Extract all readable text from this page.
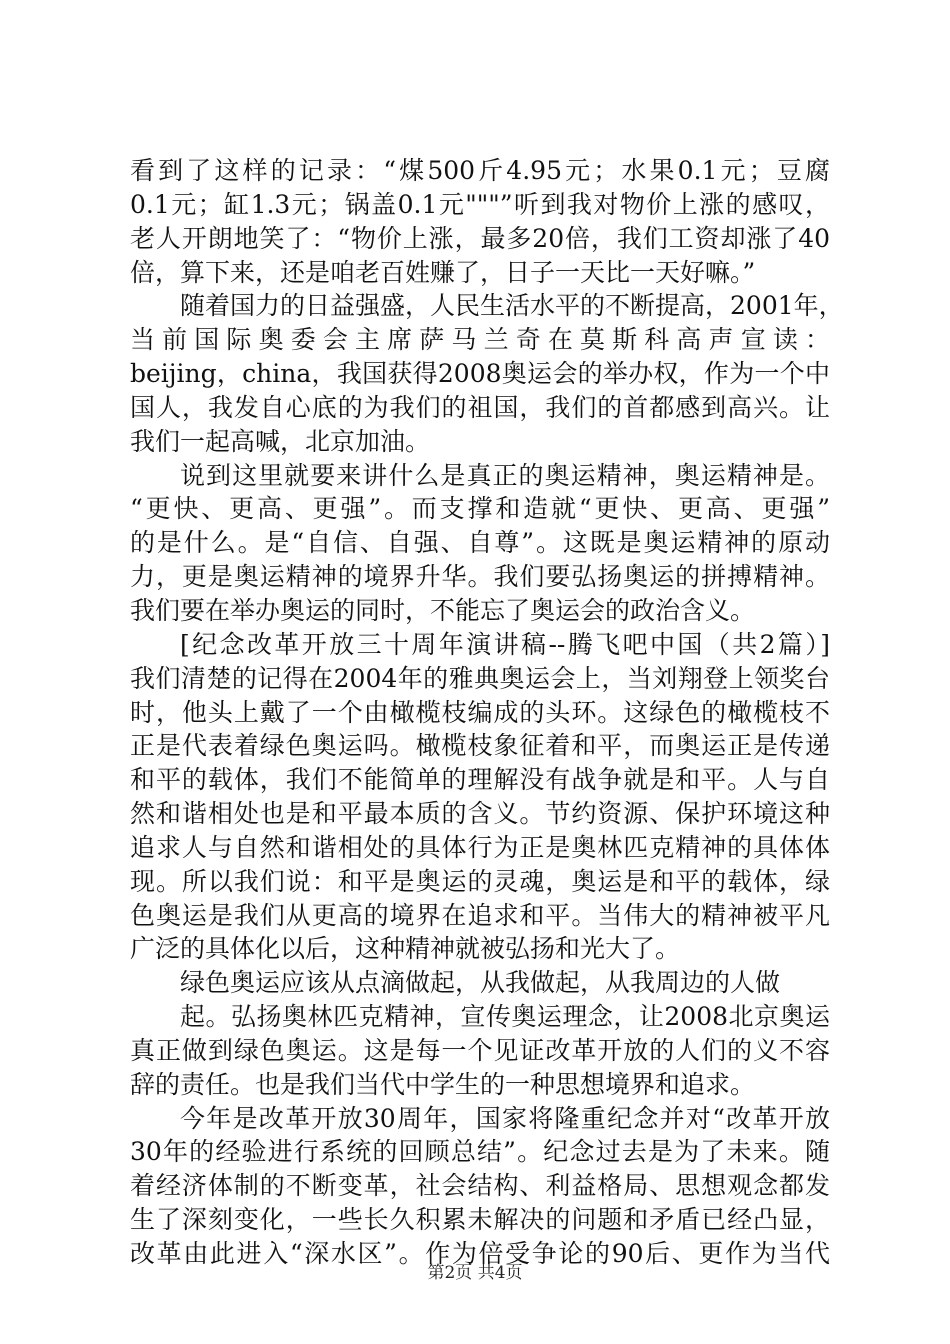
看到了这样的记录：“煤500斤4.95元；水果0.1元；豆腐
0.1元；缸1.3元；锅盖0.1元"""”听到我对物价上涨的感叹，
老人开朗地笑了：“物价上涨，最多20倍，我们工资却涨了40
倍，算下来，还是咱老百姓赚了，日子一天比一天好嘛。”
随着国力的日益强盛，人民生活水平的不断提高，2001年，
当前国际奥委会主席萨马兰奇在莫斯科高声宣读：
beijing，china，我国获得2008奥运会的举办权，作为一个中
国人，我发自心底的为我们的祖国，我们的首都感到高兴。让
我们一起高喊，北京加油。
说到这里就要来讲什么是真正的奥运精神，奥运精神是。
“更快、更高、更强”。而支撑和造就“更快、更高、更强”
的是什么。是“自信、自强、自尊”。这既是奥运精神的原动
力，更是奥运精神的境界升华。我们要弘扬奥运的拼搏精神。
我们要在举办奥运的同时，不能忘了奥运会的政治含义。
[纪念改革开放三十周年演讲稿--腾飞吧中国（共2篇）]
我们清楚的记得在2004年的雅典奥运会上，当刘翔登上领奖台
时，他头上戴了一个由橄榄枝编成的头环。这绿色的橄榄枝不
正是代表着绿色奥运吗。橄榄枝象征着和平，而奥运正是传递
和平的载体，我们不能简单的理解没有战争就是和平。人与自
然和谐相处也是和平最本质的含义。节约资源、保护环境这种
追求人与自然和谐相处的具体行为正是奥林匹克精神的具体体
现。所以我们说：和平是奥运的灵魂，奥运是和平的载体，绿
色奥运是我们从更高的境界在追求和平。当伟大的精神被平凡
广泛的具体化以后，这种精神就被弘扬和光大了。
绿色奥运应该从点滴做起，从我做起，从我周边的人做
起。弘扬奥林匹克精神，宣传奥运理念，让2008北京奥运
真正做到绿色奥运。这是每一个见证改革开放的人们的义不容
辞的责任。也是我们当代中学生的一种思想境界和追求。
今年是改革开放30周年，国家将隆重纪念并对“改革开放
30年的经验进行系统的回顾总结”。纪念过去是为了未来。随
着经济体制的不断变革，社会结构、利益格局、思想观念都发
生了深刻变化，一些长久积累未解决的问题和矛盾已经凸显，
改革由此进入“深水区”。作为倍受争论的90后、更作为当代
第2页 共4页
